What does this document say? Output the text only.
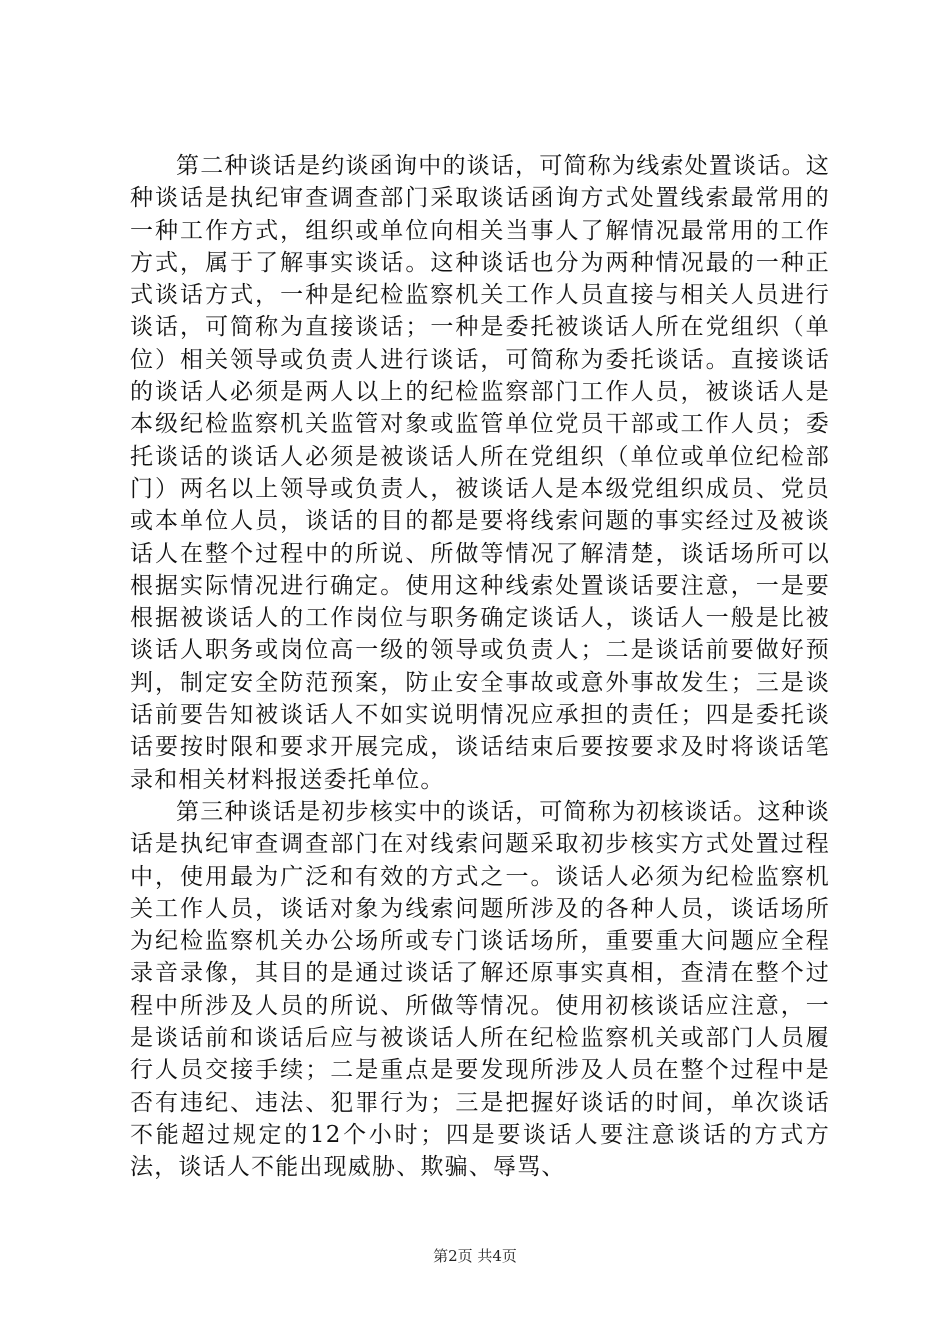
第二种谈话是约谈函询中的谈话，可简称为线索处置谈话。这种谈话是执纪审查调查部门采取谈话函询方式处置线索最常用的一种工作方式，组织或单位向相关当事人了解情况最常用的工作方式，属于了解事实谈话。这种谈话也分为两种情况最的一种正式谈话方式，一种是纪检监察机关工作人员直接与相关人员进行谈话，可简称为直接谈话；一种是委托被谈话人所在党组织（单位）相关领导或负责人进行谈话，可简称为委托谈话。直接谈话的谈话人必须是两人以上的纪检监察部门工作人员，被谈话人是本级纪检监察机关监管对象或监管单位党员干部或工作人员；委托谈话的谈话人必须是被谈话人所在党组织（单位或单位纪检部门）两名以上领导或负责人，被谈话人是本级党组织成员、党员或本单位人员，谈话的目的都是要将线索问题的事实经过及被谈话人在整个过程中的所说、所做等情况了解清楚，谈话场所可以根据实际情况进行确定。使用这种线索处置谈话要注意，一是要根据被谈话人的工作岗位与职务确定谈话人，谈话人一般是比被谈话人职务或岗位高一级的领导或负责人；二是谈话前要做好预判，制定安全防范预案，防止安全事故或意外事故发生；三是谈话前要告知被谈话人不如实说明情况应承担的责任；四是委托谈话要按时限和要求开展完成，谈话结束后要按要求及时将谈话笔录和相关材料报送委托单位。

第三种谈话是初步核实中的谈话，可简称为初核谈话。这种谈话是执纪审查调查部门在对线索问题采取初步核实方式处置过程中，使用最为广泛和有效的方式之一。谈话人必须为纪检监察机关工作人员，谈话对象为线索问题所涉及的各种人员，谈话场所为纪检监察机关办公场所或专门谈话场所，重要重大问题应全程录音录像，其目的是通过谈话了解还原事实真相，查清在整个过程中所涉及人员的所说、所做等情况。使用初核谈话应注意，一是谈话前和谈话后应与被谈话人所在纪检监察机关或部门人员履行人员交接手续；二是重点是要发现所涉及人员在整个过程中是否有违纪、违法、犯罪行为；三是把握好谈话的时间，单次谈话不能超过规定的12个小时；四是要谈话人要注意谈话的方式方法，谈话人不能出现威胁、欺骗、辱骂、

第2页 共4页
